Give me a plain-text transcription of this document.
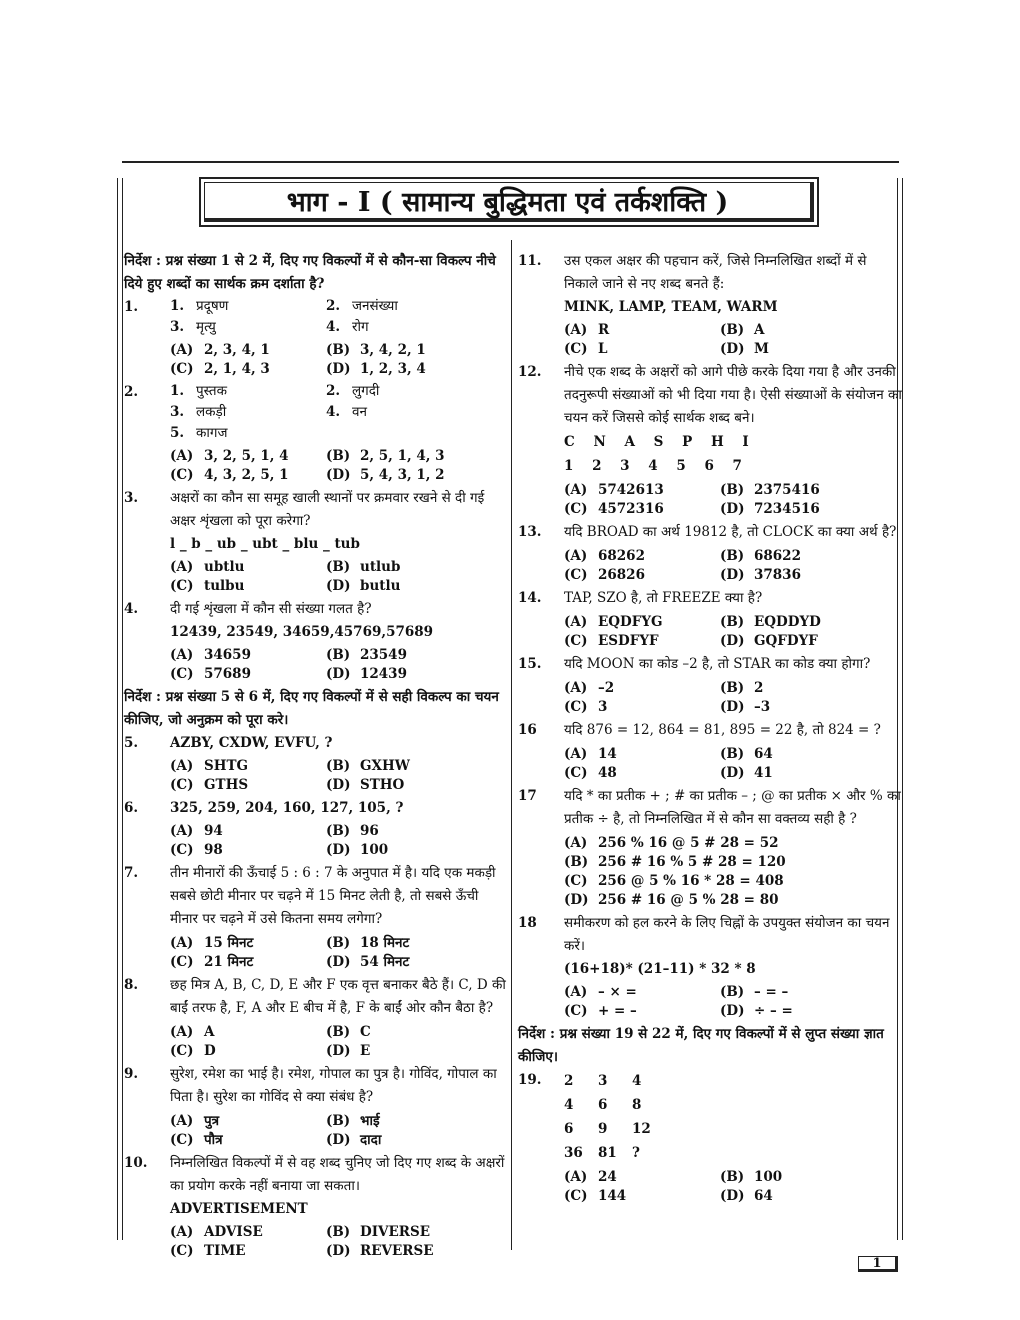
भाग - I ( सामान्य बुद्धिमता एवं तर्कशक्ति )
निर्देश : प्रश्न संख्या 1 से 2 में, दिए गए विकल्पों में से कौन-सा विकल्प नीचे दिये हुए शब्दों का सार्थक क्रम दर्शाता है?
1.	1. प्रदूषण	2. जनसंख्या
3. मृत्यु	4. रोग
(A) 2, 3, 4, 1	(B) 3, 4, 2, 1
(C) 2, 1, 4, 3	(D) 1, 2, 3, 4
2.	1. पुस्तक	2. लुगदी
3. लकड़ी	4. वन
5. कागज
(A) 3, 2, 5, 1, 4	(B) 2, 5, 1, 4, 3
(C) 4, 3, 2, 5, 1	(D) 5, 4, 3, 1, 2
3.	अक्षरों का कौन सा समूह खाली स्थानों पर क्रमवार रखने से दी गई अक्षर शृंखला को पूरा करेगा?
l _ b _ ub _ ubt _ blu _ tub
(A) ubtlu	(B) utlub
(C) tulbu	(D) butlu
4.	दी गई शृंखला में कौन सी संख्या गलत है?
12439, 23549, 34659,45769,57689
(A) 34659	(B) 23549
(C) 57689	(D) 12439
निर्देश : प्रश्न संख्या 5 से 6 में, दिए गए विकल्पों में से सही विकल्प का चयन कीजिए, जो अनुक्रम को पूरा करे।
5.	AZBY, CXDW, EVFU, ?
(A) SHTG	(B) GXHW
(C) GTHS	(D) STHO
6.	325, 259, 204, 160, 127, 105, ?
(A) 94	(B) 96
(C) 98	(D) 100
7.	तीन मीनारों की ऊँचाई 5 : 6 : 7 के अनुपात में है। यदि एक मकड़ी सबसे छोटी मीनार पर चढ़ने में 15 मिनट लेती है, तो सबसे ऊँची मीनार पर चढ़ने में उसे कितना समय लगेगा?
(A) 15 मिनट	(B) 18 मिनट
(C) 21 मिनट	(D) 54 मिनट
8.	छह मित्र A, B, C, D, E और F एक वृत्त बनाकर बैठे हैं। C, D की बाईं तरफ है, F, A और E बीच में है, F के बाईं ओर कौन बैठा है?
(A) A	(B) C
(C) D	(D) E
9.	सुरेश, रमेश का भाई है। रमेश, गोपाल का पुत्र है। गोविंद, गोपाल का पिता है। सुरेश का गोविंद से क्या संबंध है?
(A) पुत्र	(B) भाई
(C) पौत्र	(D) दादा
10.	निम्नलिखित विकल्पों में से वह शब्द चुनिए जो दिए गए शब्द के अक्षरों का प्रयोग करके नहीं बनाया जा सकता।
ADVERTISEMENT
(A) ADVISE	(B) DIVERSE
(C) TIME	(D) REVERSE
11.	उस एकल अक्षर की पहचान करें, जिसे निम्नलिखित शब्दों में से निकाले जाने से नए शब्द बनते हैं:
MINK, LAMP, TEAM, WARM
(A) R	(B) A
(C) L	(D) M
12.	नीचे एक शब्द के अक्षरों को आगे पीछे करके दिया गया है और उनकी तदनुरूपी संख्याओं को भी दिया गया है। ऐसी संख्याओं के संयोजन का चयन करें जिससे कोई सार्थक शब्द बने।
C N A S P H I
1 2 3 4 5 6 7
(A) 5742613	(B) 2375416
(C) 4572316	(D) 7234516
13.	यदि BROAD का अर्थ 19812 है, तो CLOCK का क्या अर्थ है?
(A) 68262	(B) 68622
(C) 26826	(D) 37836
14.	TAP, SZO है, तो FREEZE क्या है?
(A) EQDFYG	(B) EQDDYD
(C) ESDFYF	(D) GQFDYF
15.	यदि MOON का कोड –2 है, तो STAR का कोड क्या होगा?
(A) –2	(B) 2
(C) 3	(D) –3
16	यदि 876 = 12, 864 = 81, 895 = 22 है, तो 824 = ?
(A) 14	(B) 64
(C) 48	(D) 41
17	यदि * का प्रतीक + ; # का प्रतीक – ; @ का प्रतीक × और % का प्रतीक ÷ है, तो निम्नलिखित में से कौन सा वक्तव्य सही है ?
(A) 256 % 16 @ 5 # 28 = 52
(B) 256 # 16 % 5 # 28 = 120
(C) 256 @ 5 % 16 * 28 = 408
(D) 256 # 16 @ 5 % 28 = 80
18	समीकरण को हल करने के लिए चिह्नों के उपयुक्त संयोजन का चयन करें।
(16+18)* (21–11) * 32 * 8
(A) – × =	(B) – = –
(C) + = –	(D) ÷ – =
निर्देश : प्रश्न संख्या 19 से 22 में, दिए गए विकल्पों में से लुप्त संख्या ज्ञात कीजिए।
19.	2	3	4
4	6	8
6	9	12
36	81	?
(A) 24	(B) 100
(C) 144	(D) 64
1
